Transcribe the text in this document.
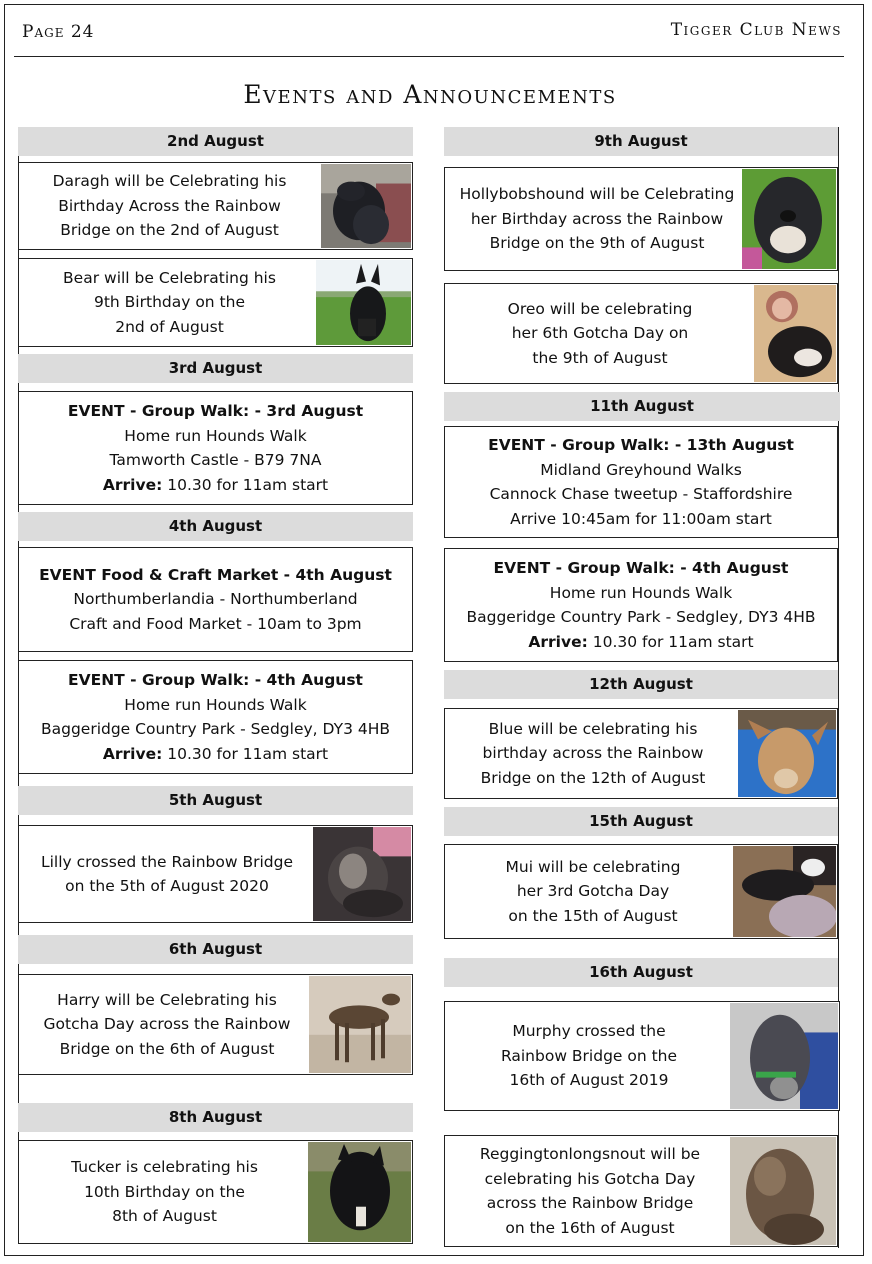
Page 24	Tigger Club News
Events and Announcements
2nd August
Daragh will be Celebrating his
Birthday Across the Rainbow
Bridge on the 2nd of August
Bear will be Celebrating his
9th Birthday on the
2nd of August
3rd August
EVENT - Group Walk: - 3rd August
Home run Hounds Walk
Tamworth Castle - B79 7NA
Arrive: 10.30 for 11am start
4th August
EVENT Food & Craft Market - 4th August
Northumberlandia - Northumberland
Craft and Food Market - 10am to 3pm
EVENT - Group Walk: - 4th August
Home run Hounds Walk
Baggeridge Country Park - Sedgley, DY3 4HB
Arrive: 10.30 for 11am start
5th August
Lilly crossed the Rainbow Bridge
on the 5th of August 2020
6th August
Harry will be Celebrating his
Gotcha Day across the Rainbow
Bridge on the 6th of August
8th August
Tucker is celebrating his
10th Birthday on the
8th of August
9th August
Hollybobshound will be Celebrating
her Birthday across the Rainbow
Bridge on the 9th of August
Oreo will be celebrating
her 6th Gotcha Day on
the 9th of August
11th August
EVENT - Group Walk: - 13th August
Midland Greyhound Walks
Cannock Chase tweetup - Staffordshire
Arrive 10:45am for 11:00am start
EVENT - Group Walk: - 4th August
Home run Hounds Walk
Baggeridge Country Park - Sedgley, DY3 4HB
Arrive: 10.30 for 11am start
12th August
Blue will be celebrating his
birthday across the Rainbow
Bridge on the 12th of August
15th August
Mui will be celebrating
her 3rd Gotcha Day
on the 15th of August
16th August
Murphy crossed the
Rainbow Bridge on the
16th of August 2019
Reggingtonlongsnout will be
celebrating his Gotcha Day
across the Rainbow Bridge
on the 16th of August
